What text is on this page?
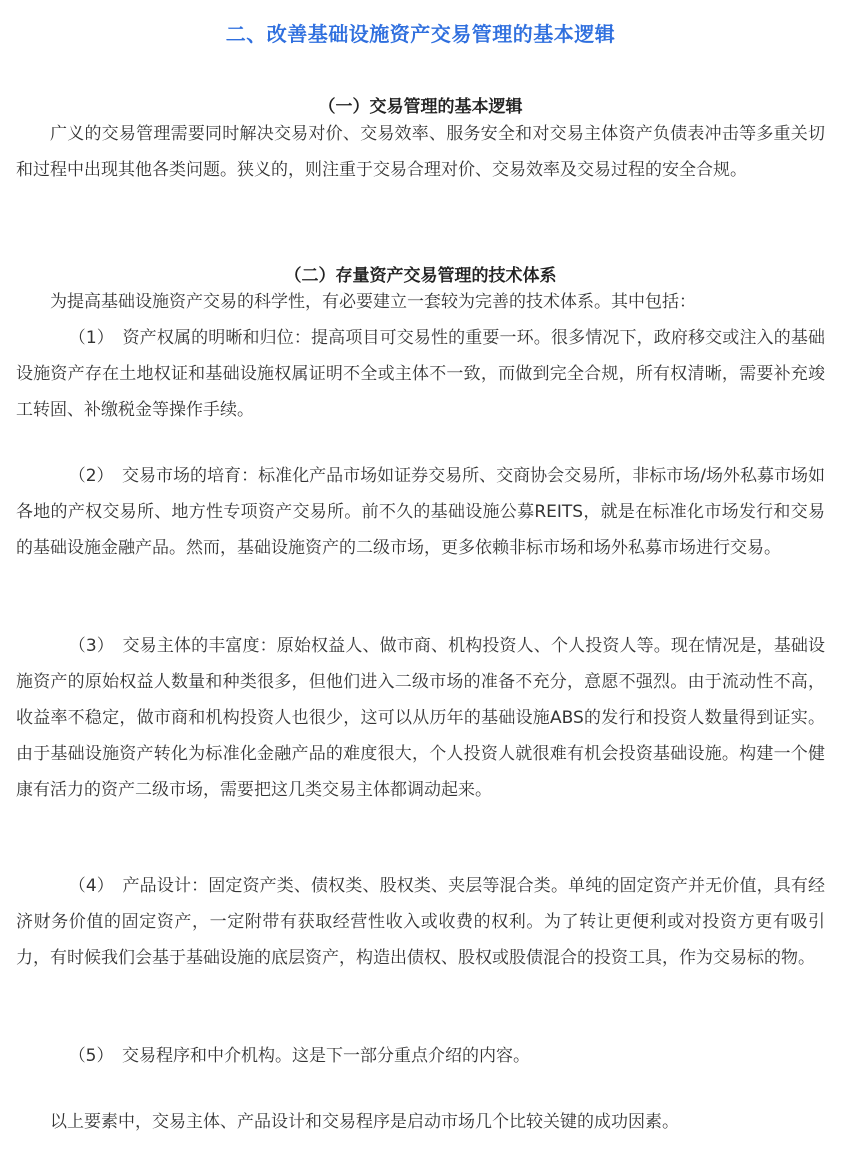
二、改善基础设施资产交易管理的基本逻辑
（一）交易管理的基本逻辑

广义的交易管理需要同时解决交易对价、交易效率、服务安全和对交易主体资产负债表冲击等多重关切和过程中出现其他各类问题。狭义的，则注重于交易合理对价、交易效率及交易过程的安全合规。

（二）存量资产交易管理的技术体系

为提高基础设施资产交易的科学性，有必要建立一套较为完善的技术体系。其中包括：

（1）　资产权属的明晰和归位：提高项目可交易性的重要一环。很多情况下，政府移交或注入的基础设施资产存在土地权证和基础设施权属证明不全或主体不一致，而做到完全合规，所有权清晰，需要补充竣工转固、补缴税金等操作手续。

（2）　交易市场的培育：标准化产品市场如证券交易所、交商协会交易所，非标市场/场外私募市场如各地的产权交易所、地方性专项资产交易所。前不久的基础设施公募REITS，就是在标准化市场发行和交易的基础设施金融产品。然而，基础设施资产的二级市场，更多依赖非标市场和场外私募市场进行交易。

（3）　交易主体的丰富度：原始权益人、做市商、机构投资人、个人投资人等。现在情况是，基础设施资产的原始权益人数量和种类很多，但他们进入二级市场的准备不充分，意愿不强烈。由于流动性不高，收益率不稳定，做市商和机构投资人也很少，这可以从历年的基础设施ABS的发行和投资人数量得到证实。由于基础设施资产转化为标准化金融产品的难度很大，个人投资人就很难有机会投资基础设施。构建一个健康有活力的资产二级市场，需要把这几类交易主体都调动起来。

（4）　产品设计：固定资产类、债权类、股权类、夹层等混合类。单纯的固定资产并无价值，具有经济财务价值的固定资产，一定附带有获取经营性收入或收费的权利。为了转让更便利或对投资方更有吸引力，有时候我们会基于基础设施的底层资产，构造出债权、股权或股债混合的投资工具，作为交易标的物。

（5）　交易程序和中介机构。这是下一部分重点介绍的内容。

以上要素中，交易主体、产品设计和交易程序是启动市场几个比较关键的成功因素。
